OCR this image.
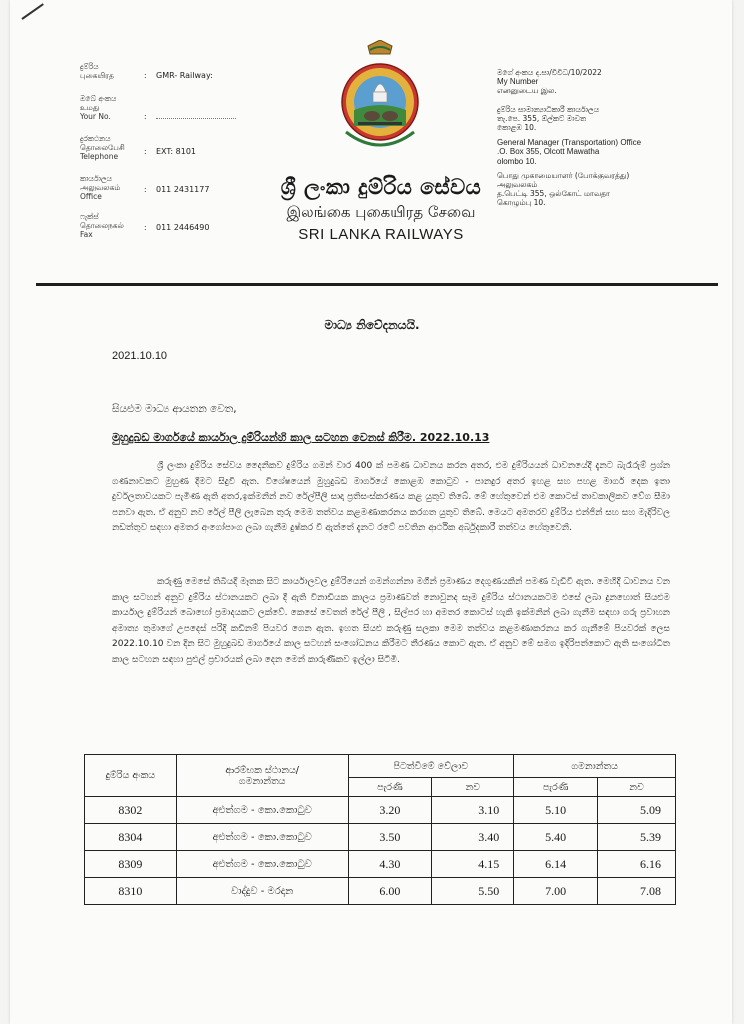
දුම්රිය
புகையிரத	: GMR- Railway:
ඔබේ අංකය
உமது
Your No.	:
දුරකථනය
தொலைபேசி
Telephone
: EXT: 8101
කාර්යාලය
அலுவலகம்
Office
: 011 2431177
ෆැක්ස්
தொலைநகல்
Fax
: 011 2446490
ශ්‍රී ලංකා දුම්රිය සේවය
இலங்கை புகையிரத சேவை
SRI LANKA RAILWAYS
මගේ අංකය ද.සා/විවිධ/10/2022
My Number
எனனுடைய இல.
දුම්රිය සාමාන්‍යාධිකාරී කාර්යාලය
තැ.පෙ. 355, ඕල්කට් මාවත
කොළඹ 10.
General Manager (Transportation) Office
.O. Box 355, Olcott Mawatha
olombo 10.
பொது முகாமையாளர் (போக்குவரத்து)
அலுவலகம்
த.பெட்டி 355, ஒல்கோட் மாவதா
கொழும்பு 10.
මාධ්‍ය නිවේදනයයි.
2021.10.10
සියළුම මාධ්‍ය ආයතන වෙත,
මුහුදුබඩ මාර්ගයේ කාර්යාල දුම්රියන්හි කාල සටහන වෙනස් කිරීම. 2022.10.13
ශ්‍රී ලංකා දුම්රිය සේවය දෛනිකව දුම්රිය ගමන් වාර 400 ක් පමණ ධාවනය කරන අතර, එම දුම්රියයන් ධාවනයේදී දැනට බැරෑරුම් ප්‍රශ්න ගණනාවකට මුහුණ දීමට සිදුවී ඇත. විශේෂයෙන් මුහුදුබඩ මාර්ගයේ කොළඹ කොටුව - පානදුර අතර ඉහළ සහ පහළ මාර්ග දෙක ඉතා දුර්වලතාවයකට පැමිණ ඇති අතර,ඉක්මනින් නව රේල්පීලි සාදා ප්‍රතිසංස්කරණය කළ යුතුව තිබේ. මේ හේතුවෙන් එම කොටස් තාවකාලිකව වේග සීමා පනවා ඇත. ඒ අනුව නව රේල් පීලි ලැබෙන තුරු මෙම තත්වය කළමණාකරනය කරගත යුතුව තිබේ. මෙයට අමතරව දුම්රිය එන්ජින් සහ සහ මැදිරිවල නඩත්තුව සඳහා අමතර අංගෝපාංග ලබා ගැනීම දුෂ්කර වී ඇත්තේ දැනට රටේ පවතින ආර්ථික අර්බුදකාරී තත්වය හේතුවෙනි.
කරුණු මෙසේ තිබියදී මෑතක සිට කාර්යාලවල දුම්රියෙන් ගමන්ගන්නා මගීන් ප්‍රමාණය දෙගුණයකින් පමණ වැඩිවී ඇත. මෙහිදී ධාවනය වන කාල සටහන් අනුව දුම්රිය ස්ථානයකට ලබා දී ඇති විනාඩියක කාලය ප්‍රමාණවත් නොවුනද සෑම දුම්රිය ස්ථානයකටම එසේ ලබා දුනහොත් සියළුම කාර්යාල දුම්රියන් බොහෝ ප්‍රමාදයකට ලක්වේ. කෙසේ වෙතත් රේල් පීලි , සිල්පර හා අමතර කොටස් හැකි ඉක්මනින් ලබා ගැනීම සඳහා ගරු ප්‍රවාහන අමාත්‍ය තුමාගේ උපදෙස් පරිදි කඩිනම් පියවර ගෙන ඇත. ඉහත සියළු කරුණු සලකා මෙම තත්වය කළමණාකරනය කර ගැනීමේ පියවරක් ලෙස 2022.10.10 වන දින සිට මුහුදුබඩ මාර්ගයේ කාල සටහන් සංශෝධනය කිරීමට තීරණය කොට ඇත. ඒ අනුව මේ සමග ඉදිරිපත්කොට ඇති සංශෝධිත කාල සටහන සඳහා පුළුල් ප්‍රචාරයක් ලබා දෙන මෙන් කාරුණිකව ඉල්ලා සිටිමි.
දුම්රිය අංකය	ආරම්භක ස්ථානය/
ගමනාන්තය	පිටත්වීමේ වේලාව		ගමනාන්තය	
		පැරණි	නව	පැරණි	නව
8302	අළුත්ගම - කො.කොටුව	3.20	3.10	5.10	5.09
8304	අළුත්ගම - කො.කොටුව	3.50	3.40	5.40	5.39
8309	අළුත්ගම - කො.කොටුව	4.30	4.15	6.14	6.16
8310	වාද්දුව - මරදාන	6.00	5.50	7.00	7.08
